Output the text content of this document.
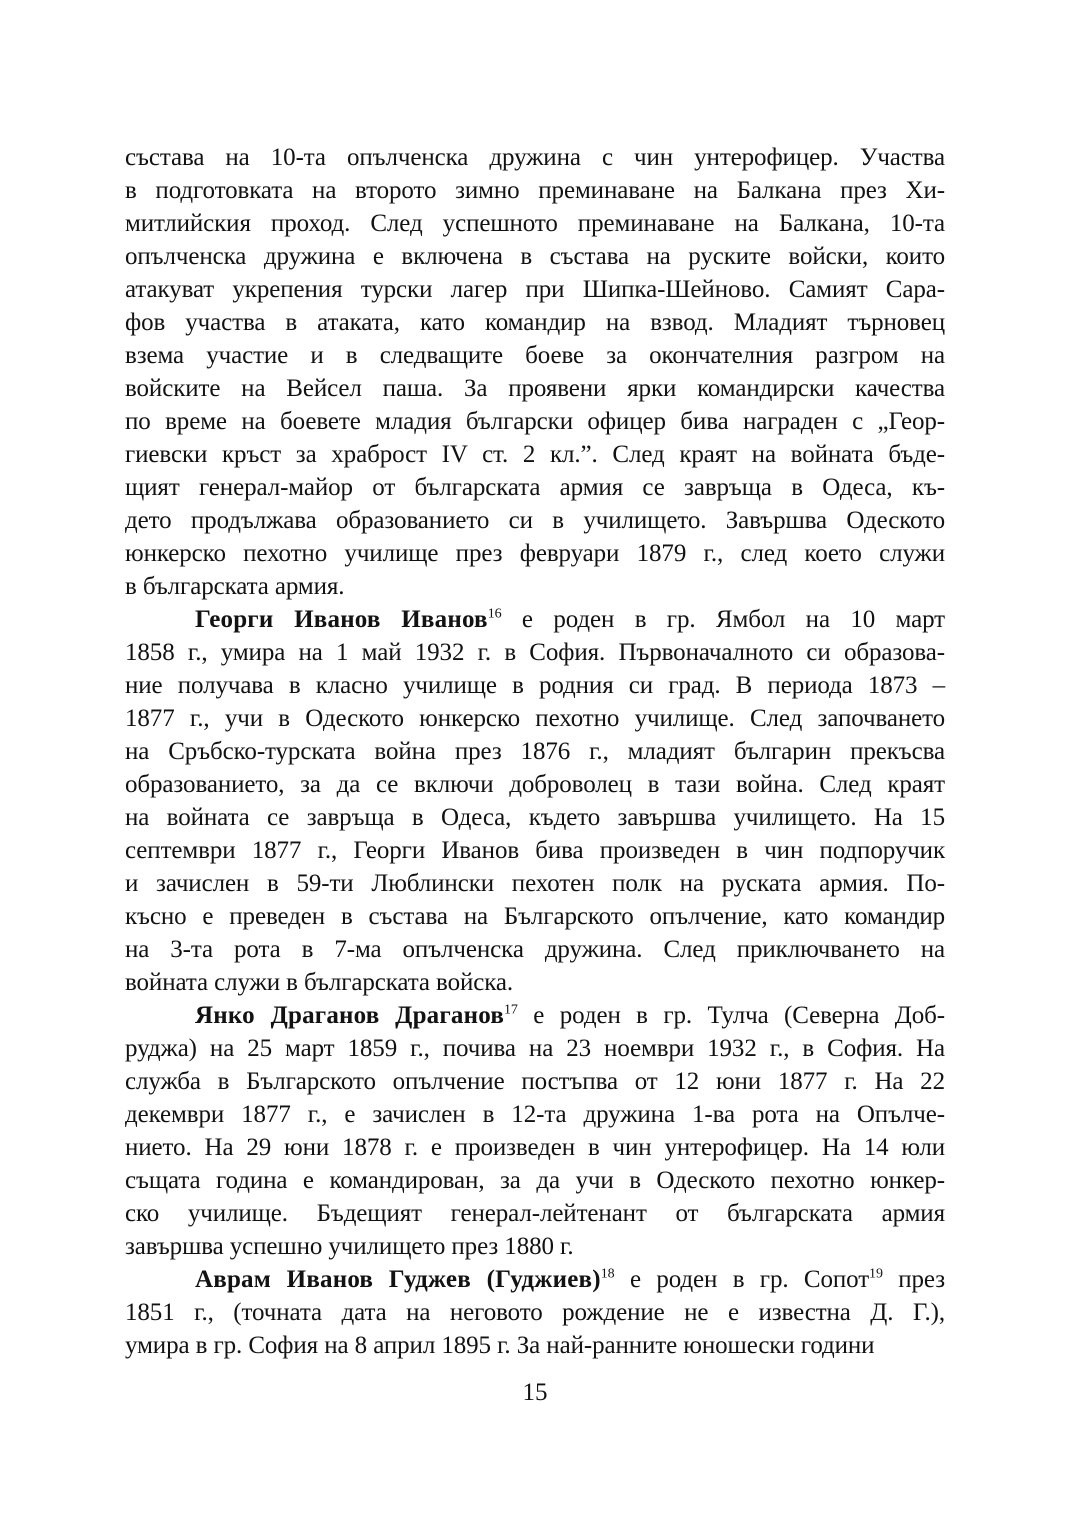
състава на 10-та опълченска дружина с чин унтерофицер. Участва
в подготовката на второто зимно преминаване на Балкана през Хи-
митлийския проход. След успешното преминаване на Балкана, 10-та
опълченска дружина е включена в състава на руските войски, които
атакуват укрепения турски лагер при Шипка-Шейново. Самият Сара-
фов участва в атаката, като командир на взвод. Младият търновец
взема участие и в следващите боеве за окончателния разгром на
войските на Вейсел паша. За проявени ярки командирски качества
по време на боевете младия български офицер бива награден с „Геор-
гиевски кръст за храброст IV ст. 2 кл.”. След краят на войната бъде-
щият генерал-майор от българската армия се завръща в Одеса, къ-
дето продължава образованието си в училището. Завършва Одеското
юнкерско пехотно училище през февруари 1879 г., след което служи
в българската армия.
Георги Иванов Иванов$^{16}$ е роден в гр. Ямбол на 10 март
1858 г., умира на 1 май 1932 г. в София. Първоначалното си образова-
ние получава в класно училище в родния си град. В периода 1873 –
1877 г., учи в Одеското юнкерско пехотно училище. След започването
на Сръбско-турската война през 1876 г., младият българин прекъсва
образованието, за да се включи доброволец в тази война. След краят
на войната се завръща в Одеса, където завършва училището. На 15
септември 1877 г., Георги Иванов бива произведен в чин подпоручик
и зачислен в 59-ти Люблински пехотен полк на руската армия. По-
късно е преведен в състава на Българското опълчение, като командир
на 3-та рота в 7-ма опълченска дружина. След приключването на
войната служи в българската войска.
Янко Драганов Драганов$^{17}$ е роден в гр. Тулча (Северна Доб-
руджа) на 25 март 1859 г., почива на 23 ноември 1932 г., в София. На
служба в Българското опълчение постъпва от 12 юни 1877 г. На 22
декември 1877 г., е зачислен в 12-та дружина 1-ва рота на Опълче-
нието. На 29 юни 1878 г. е произведен в чин унтерофицер. На 14 юли
същата година е командирован, за да учи в Одеското пехотно юнкер-
ско училище. Бъдещият генерал-лейтенант от българската армия
завършва успешно училището през 1880 г.
Аврам Иванов Гуджев (Гуджиев)$^{18}$ е роден в гр. Сопот$^{19}$ през
1851 г., (точната дата на неговото рождение не е известна Д. Г.),
умира в гр. София на 8 април 1895 г. За най-ранните юношески години
15
